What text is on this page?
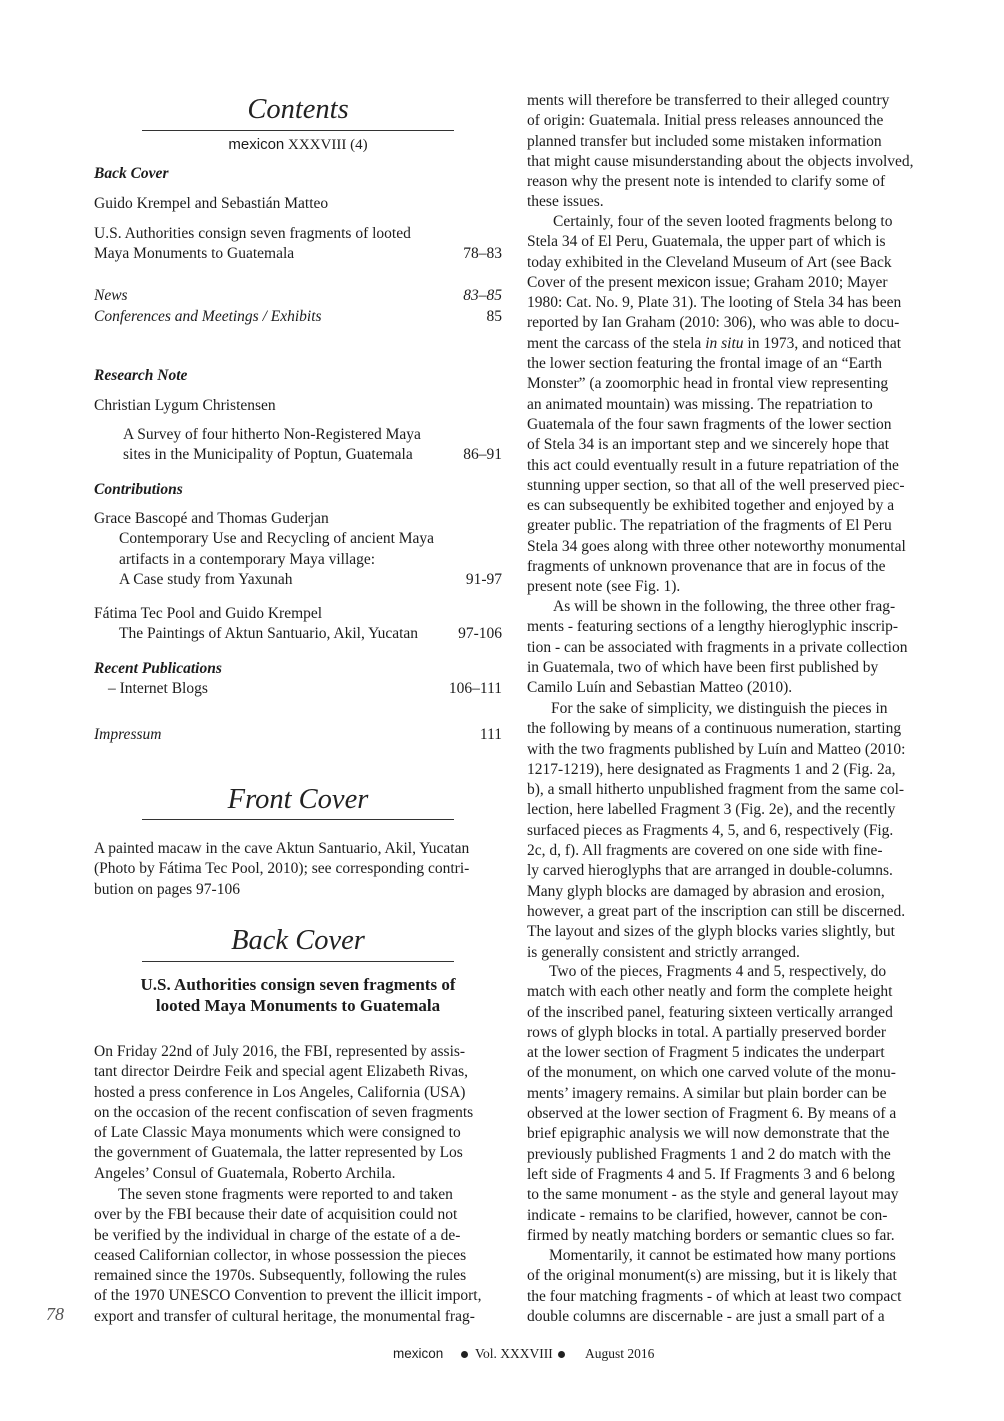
Contents
mexicon XXXVIII (4)
Back Cover
Guido Krempel and Sebastián Matteo
U.S. Authorities consign seven fragments of looted
Maya Monuments to Guatemala	78–83
News	83–85
Conferences and Meetings / Exhibits	85
Research Note
Christian Lygum Christensen
A Survey of four hitherto Non-Registered Maya
sites in the Municipality of Poptun, Guatemala	86–91
Contributions
Grace Bascopé and Thomas Guderjan
Contemporary Use and Recycling of ancient Maya
artifacts in a contemporary Maya village:
A Case study from Yaxunah	91-97
Fátima Tec Pool and Guido Krempel
The Paintings of Aktun Santuario, Akil, Yucatan	97-106
Recent Publications
– Internet Blogs	106–111
Impressum	111
Front Cover
A painted macaw in the cave Aktun Santuario, Akil, Yucatan
(Photo by Fátima Tec Pool, 2010); see corresponding contri-
bution on pages 97-106
Back Cover
U.S. Authorities consign seven fragments of
looted Maya Monuments to Guatemala
On Friday 22nd of July 2016, the FBI, represented by assis-
tant director Deirdre Feik and special agent Elizabeth Rivas,
hosted a press conference in Los Angeles, California (USA)
on the occasion of the recent confiscation of seven fragments
of Late Classic Maya monuments which were consigned to
the government of Guatemala, the latter represented by Los
Angeles’ Consul of Guatemala, Roberto Archila.
The seven stone fragments were reported to and taken
over by the FBI because their date of acquisition could not
be verified by the individual in charge of the estate of a de-
ceased Californian collector, in whose possession the pieces
remained since the 1970s. Subsequently, following the rules
of the 1970 UNESCO Convention to prevent the illicit import,
export and transfer of cultural heritage, the monumental frag-
ments will therefore be transferred to their alleged country
of origin: Guatemala. Initial press releases announced the
planned transfer but included some mistaken information
that might cause misunderstanding about the objects involved,
reason why the present note is intended to clarify some of
these issues.
Certainly, four of the seven looted fragments belong to
Stela 34 of El Peru, Guatemala, the upper part of which is
today exhibited in the Cleveland Museum of Art (see Back
Cover of the present mexicon issue; Graham 2010; Mayer
1980: Cat. No. 9, Plate 31). The looting of Stela 34 has been
reported by Ian Graham (2010: 306), who was able to docu-
ment the carcass of the stela in situ in 1973, and noticed that
the lower section featuring the frontal image of an “Earth
Monster” (a zoomorphic head in frontal view representing
an animated mountain) was missing. The repatriation to
Guatemala of the four sawn fragments of the lower section
of Stela 34 is an important step and we sincerely hope that
this act could eventually result in a future repatriation of the
stunning upper section, so that all of the well preserved piec-
es can subsequently be exhibited together and enjoyed by a
greater public. The repatriation of the fragments of El Peru
Stela 34 goes along with three other noteworthy monumental
fragments of unknown provenance that are in focus of the
present note (see Fig. 1).
As will be shown in the following, the three other frag-
ments - featuring sections of a lengthy hieroglyphic inscrip-
tion - can be associated with fragments in a private collection
in Guatemala, two of which have been first published by
Camilo Luín and Sebastian Matteo (2010).
For the sake of simplicity, we distinguish the pieces in
the following by means of a continuous numeration, starting
with the two fragments published by Luín and Matteo (2010:
1217-1219), here designated as Fragments 1 and 2 (Fig. 2a,
b), a small hitherto unpublished fragment from the same col-
lection, here labelled Fragment 3 (Fig. 2e), and the recently
surfaced pieces as Fragments 4, 5, and 6, respectively (Fig.
2c, d, f). All fragments are covered on one side with fine-
ly carved hieroglyphs that are arranged in double-columns.
Many glyph blocks are damaged by abrasion and erosion,
however, a great part of the inscription can still be discerned.
The layout and sizes of the glyph blocks varies slightly, but
is generally consistent and strictly arranged.
Two of the pieces, Fragments 4 and 5, respectively, do
match with each other neatly and form the complete height
of the inscribed panel, featuring sixteen vertically arranged
rows of glyph blocks in total. A partially preserved border
at the lower section of Fragment 5 indicates the underpart
of the monument, on which one carved volute of the monu-
ments’ imagery remains. A similar but plain border can be
observed at the lower section of Fragment 6. By means of a
brief epigraphic analysis we will now demonstrate that the
previously published Fragments 1 and 2 do match with the
left side of Fragments 4 and 5. If Fragments 3 and 6 belong
to the same monument - as the style and general layout may
indicate - remains to be clarified, however, cannot be con-
firmed by neatly matching borders or semantic clues so far.
Momentarily, it cannot be estimated how many portions
of the original monument(s) are missing, but it is likely that
the four matching fragments - of which at least two compact
double columns are discernable - are just a small part of a
78
mexicon Vol. XXXVIII August 2016
